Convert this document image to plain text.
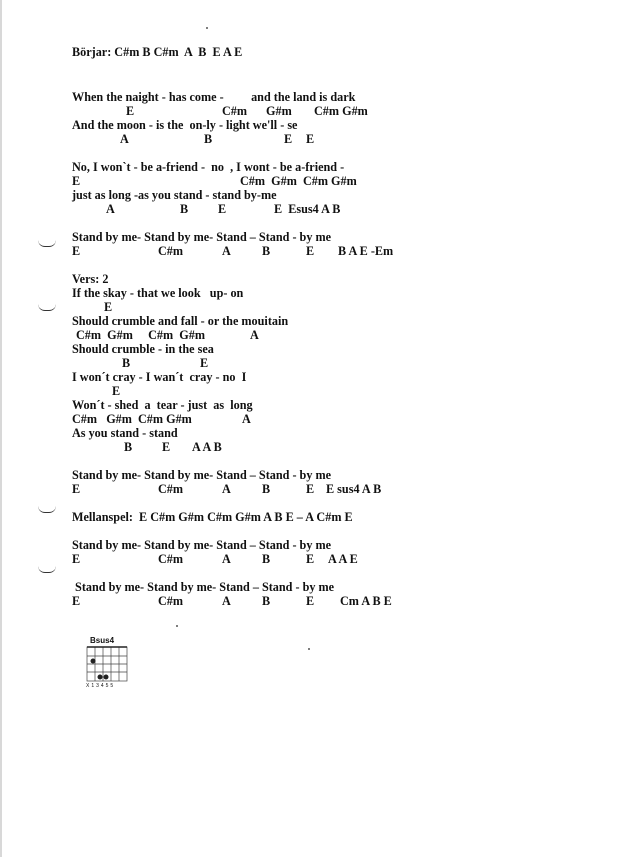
Börjar: C#m B C#m  A  B  E A E
When the naight - has come -         and the land is dark
E	C#m G#m C#m G#m
And the moon - is the  on-ly - light we'll - se
A	B	E E
No, I won`t - be a-friend -  no  , I wont - be a-friend -
E	C#m  G#m  C#m G#m
just as long -as you stand - stand by-me
A	B E	E  Esus4 A B
Stand by me- Stand by me- Stand – Stand - by me
E	C#m	A	B	E B A E -Em
Vers: 2
If the skay - that we look   up- on
E
Should crumble and fall - or the mouitain
C#m  G#m     C#m  G#m	A
Should crumble - in the sea
B	E
I won´t cray - I wan´t  cray - no  I
E
Won´t - shed  a  tear - just  as  long
C#m   G#m  C#m G#m	A
As you stand - stand
B E A A B
Stand by me- Stand by me- Stand – Stand - by me
E	C#m	A	B	E E sus4 A B
Mellanspel:  E C#m G#m C#m G#m A B E – A C#m E
Stand by me- Stand by me- Stand – Stand - by me
E	C#m	A	B	E A A E
Stand by me- Stand by me- Stand – Stand - by me
E	C#m	A	B	E Cm A B E
Bsus4
X 1 3 4 5 5
